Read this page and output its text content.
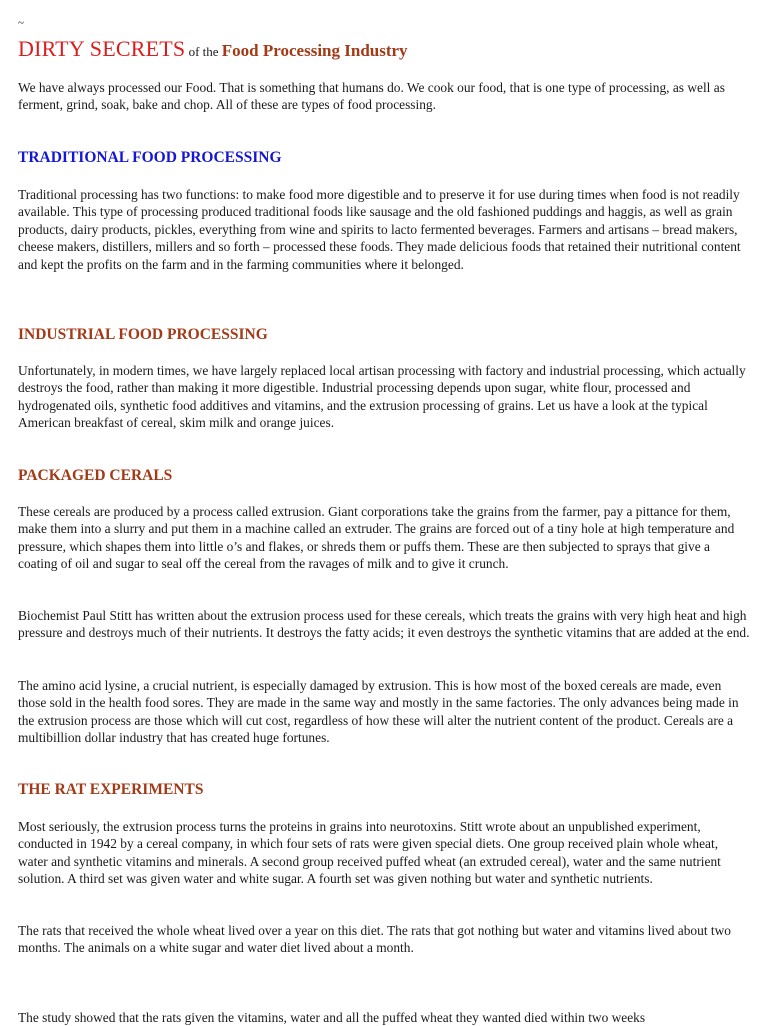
~
DIRTY SECRETS of the Food Processing Industry

We have always processed our Food. That is something that humans do. We cook our food, that is one type of processing, as well as ferment, grind, soak, bake and chop. All of these are types of food processing.

TRADITIONAL FOOD PROCESSING

Traditional processing has two functions: to make food more digestible and to preserve it for use during times when food is not readily available. This type of processing produced traditional foods like sausage and the old fashioned puddings and haggis, as well as grain products, dairy products, pickles, everything from wine and spirits to lacto fermented beverages. Farmers and artisans – bread makers, cheese makers, distillers, millers and so forth – processed these foods. They made delicious foods that retained their nutritional content and kept the profits on the farm and in the farming communities where it belonged.

INDUSTRIAL FOOD PROCESSING

Unfortunately, in modern times, we have largely replaced local artisan processing with factory and industrial processing, which actually destroys the food, rather than making it more digestible. Industrial processing depends upon sugar, white flour, processed and hydrogenated oils, synthetic food additives and vitamins, and the extrusion processing of grains. Let us have a look at the typical American breakfast of cereal, skim milk and orange juices.

PACKAGED CERALS

These cereals are produced by a process called extrusion. Giant corporations take the grains from the farmer, pay a pittance for them, make them into a slurry and put them in a machine called an extruder. The grains are forced out of a tiny hole at high temperature and pressure, which shapes them into little o’s and flakes, or shreds them or puffs them. These are then subjected to sprays that give a coating of oil and sugar to seal off the cereal from the ravages of milk and to give it crunch.

Biochemist Paul Stitt has written about the extrusion process used for these cereals, which treats the grains with very high heat and high pressure and destroys much of their nutrients. It destroys the fatty acids; it even destroys the synthetic vitamins that are added at the end.

The amino acid lysine, a crucial nutrient, is especially damaged by extrusion. This is how most of the boxed cereals are made, even those sold in the health food sores. They are made in the same way and mostly in the same factories. The only advances being made in the extrusion process are those which will cut cost, regardless of how these will alter the nutrient content of the product. Cereals are a multibillion dollar industry that has created huge fortunes.

THE RAT EXPERIMENTS

Most seriously, the extrusion process turns the proteins in grains into neurotoxins. Stitt wrote about an unpublished experiment, conducted in 1942 by a cereal company, in which four sets of rats were given special diets. One group received plain whole wheat, water and synthetic vitamins and minerals. A second group received puffed wheat (an extruded cereal), water and the same nutrient solution. A third set was given water and white sugar. A fourth set was given nothing but water and synthetic nutrients.

The rats that received the whole wheat lived over a year on this diet. The rats that got nothing but water and vitamins lived about two months. The animals on a white sugar and water diet lived about a month.

The study showed that the rats given the vitamins, water and all the puffed wheat they wanted died within two weeks
